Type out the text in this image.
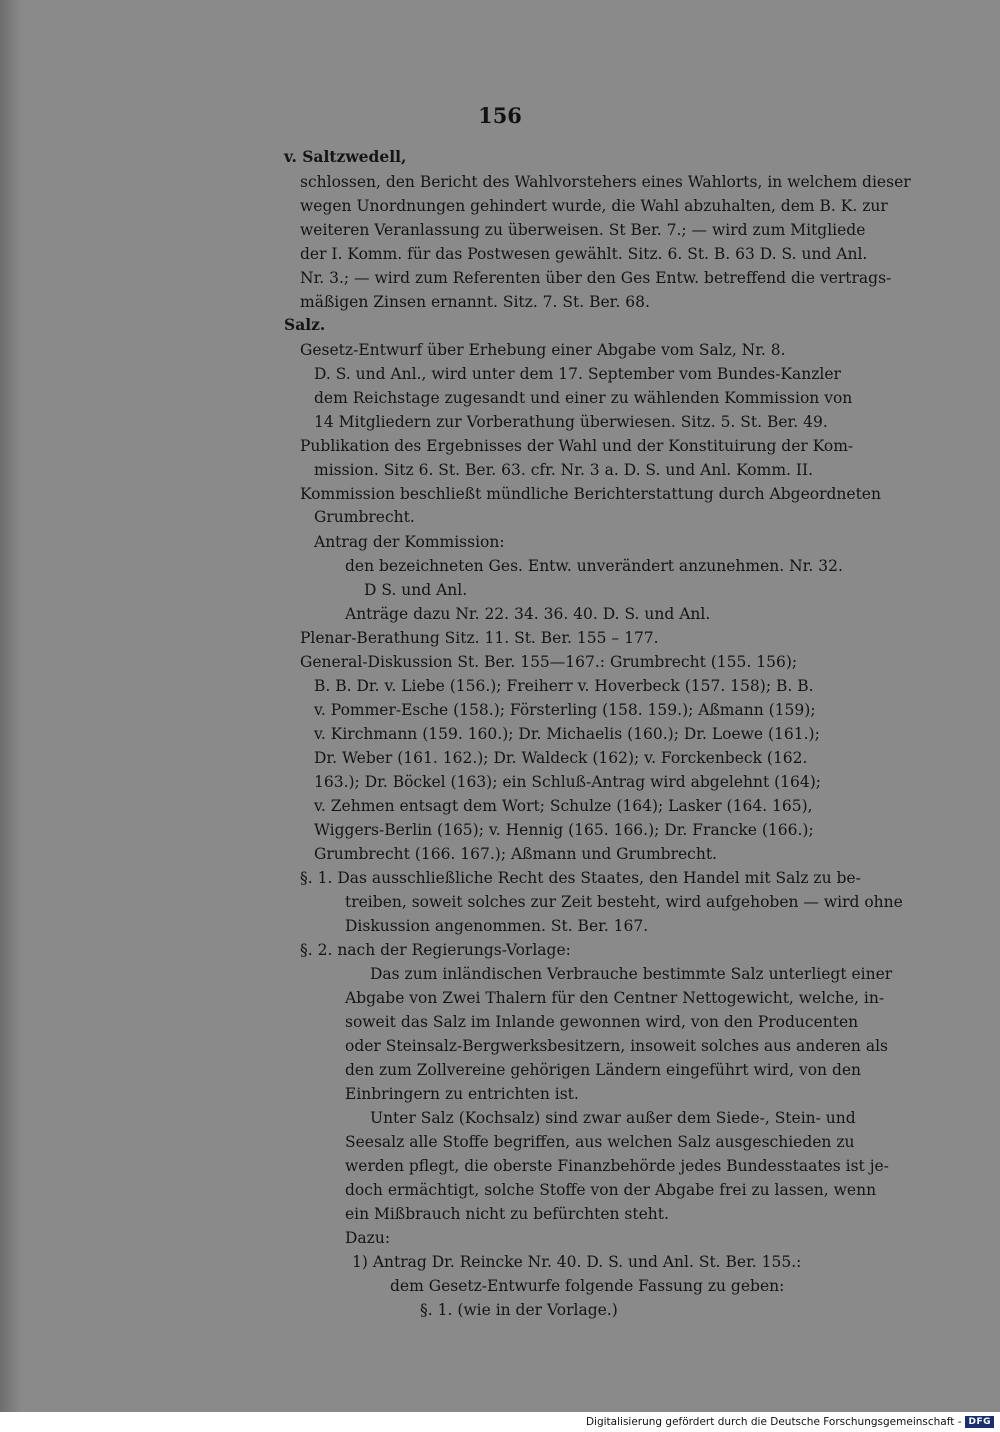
156
v. Saltzwedell,
schlossen, den Bericht des Wahlvorstehers eines Wahlorts, in welchem dieser
wegen Unordnungen gehindert wurde, die Wahl abzuhalten, dem B. K. zur
weiteren Veranlassung zu überweisen. St Ber. 7.; — wird zum Mitgliede
der I. Komm. für das Postwesen gewählt. Sitz. 6. St. B. 63 D. S. und Anl.
Nr. 3.; — wird zum Referenten über den Ges Entw. betreffend die vertrags-
mäßigen Zinsen ernannt. Sitz. 7. St. Ber. 68.
Salz.
Gesetz-Entwurf über Erhebung einer Abgabe vom Salz, Nr. 8.
D. S. und Anl., wird unter dem 17. September vom Bundes-Kanzler
dem Reichstage zugesandt und einer zu wählenden Kommission von
14 Mitgliedern zur Vorberathung überwiesen. Sitz. 5. St. Ber. 49.
Publikation des Ergebnisses der Wahl und der Konstituirung der Kom-
mission. Sitz 6. St. Ber. 63. cfr. Nr. 3 a. D. S. und Anl. Komm. II.
Kommission beschließt mündliche Berichterstattung durch Abgeordneten
Grumbrecht.
Antrag der Kommission:
den bezeichneten Ges. Entw. unverändert anzunehmen. Nr. 32.
D S. und Anl.
Anträge dazu Nr. 22. 34. 36. 40. D. S. und Anl.
Plenar-Berathung Sitz. 11. St. Ber. 155 – 177.
General-Diskussion St. Ber. 155—167.: Grumbrecht (155. 156);
B. B. Dr. v. Liebe (156.); Freiherr v. Hoverbeck (157. 158); B. B.
v. Pommer-Esche (158.); Försterling (158. 159.); Aßmann (159);
v. Kirchmann (159. 160.); Dr. Michaelis (160.); Dr. Loewe (161.);
Dr. Weber (161. 162.); Dr. Waldeck (162); v. Forckenbeck (162.
163.); Dr. Böckel (163); ein Schluß-Antrag wird abgelehnt (164);
v. Zehmen entsagt dem Wort; Schulze (164); Lasker (164. 165),
Wiggers-Berlin (165); v. Hennig (165. 166.); Dr. Francke (166.);
Grumbrecht (166. 167.); Aßmann und Grumbrecht.
§. 1. Das ausschließliche Recht des Staates, den Handel mit Salz zu be-
treiben, soweit solches zur Zeit besteht, wird aufgehoben — wird ohne
Diskussion angenommen. St. Ber. 167.
§. 2. nach der Regierungs-Vorlage:
Das zum inländischen Verbrauche bestimmte Salz unterliegt einer
Abgabe von Zwei Thalern für den Centner Nettogewicht, welche, in-
soweit das Salz im Inlande gewonnen wird, von den Producenten
oder Steinsalz-Bergwerksbesitzern, insoweit solches aus anderen als
den zum Zollvereine gehörigen Ländern eingeführt wird, von den
Einbringern zu entrichten ist.
Unter Salz (Kochsalz) sind zwar außer dem Siede-, Stein- und
Seesalz alle Stoffe begriffen, aus welchen Salz ausgeschieden zu
werden pflegt, die oberste Finanzbehörde jedes Bundesstaates ist je-
doch ermächtigt, solche Stoffe von der Abgabe frei zu lassen, wenn
ein Mißbrauch nicht zu befürchten steht.
Dazu:
1) Antrag Dr. Reincke Nr. 40. D. S. und Anl. St. Ber. 155.:
dem Gesetz-Entwurfe folgende Fassung zu geben:
§. 1. (wie in der Vorlage.)
Digitalisierung gefördert durch die Deutsche Forschungsgemeinschaft - DFG
